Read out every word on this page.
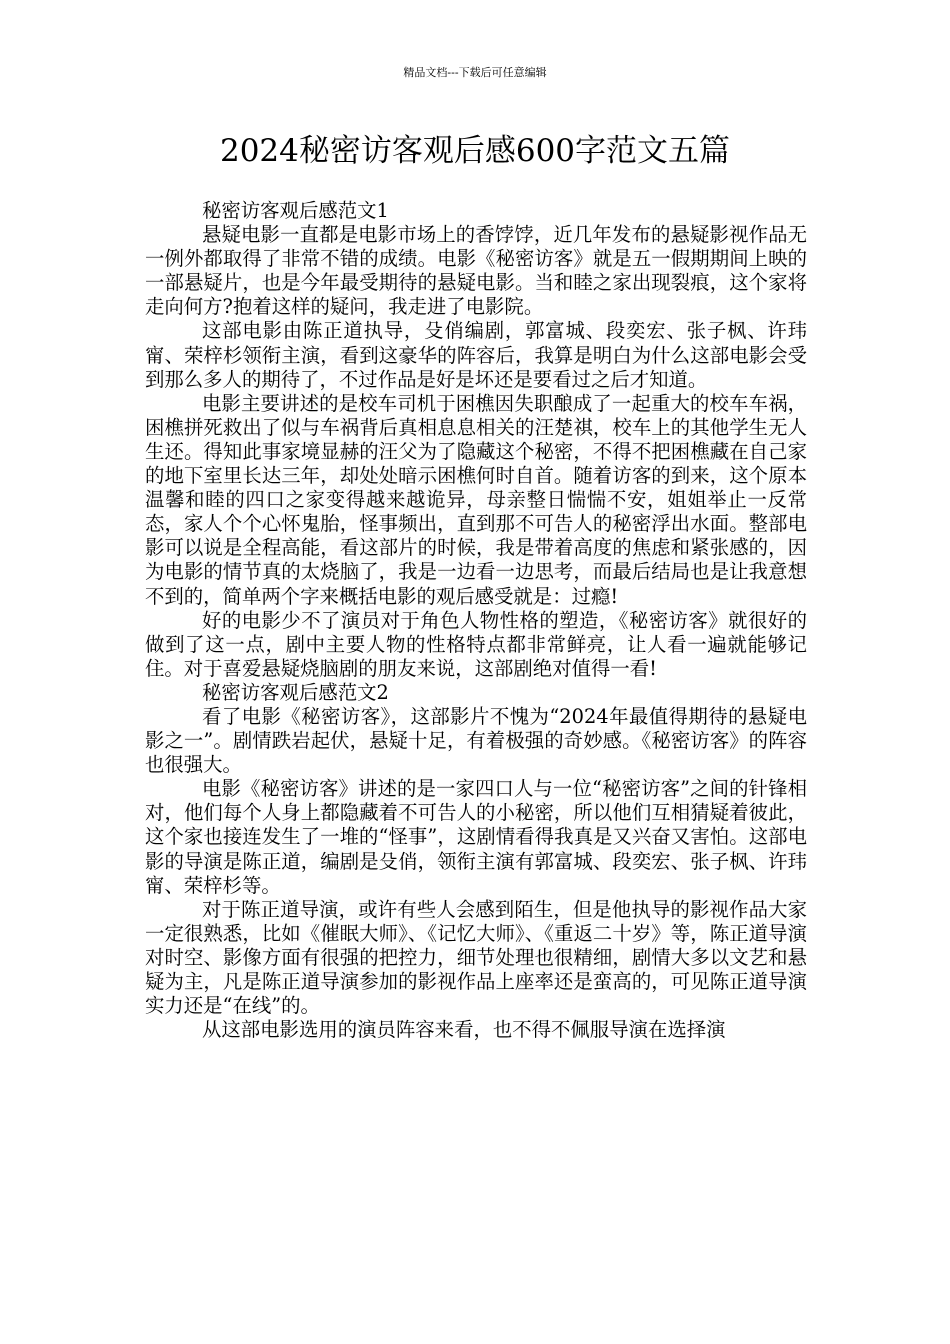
精品文档---下载后可任意编辑
2024秘密访客观后感600字范文五篇

秘密访客观后感范文1

悬疑电影一直都是电影市场上的香饽饽，近几年发布的悬疑影视作品无一例外都取得了非常不错的成绩。电影《秘密访客》就是五一假期期间上映的一部悬疑片，也是今年最受期待的悬疑电影。当和睦之家出现裂痕，这个家将走向何方?抱着这样的疑问，我走进了电影院。

这部电影由陈正道执导，殳俏编剧，郭富城、段奕宏、张子枫、许玮甯、荣梓杉领衔主演，看到这豪华的阵容后，我算是明白为什么这部电影会受到那么多人的期待了，不过作品是好是坏还是要看过之后才知道。

电影主要讲述的是校车司机于困樵因失职酿成了一起重大的校车车祸，困樵拼死救出了似与车祸背后真相息息相关的汪楚祺，校车上的其他学生无人生还。得知此事家境显赫的汪父为了隐藏这个秘密，不得不把困樵藏在自己家的地下室里长达三年，却处处暗示困樵何时自首。随着访客的到来，这个原本温馨和睦的四口之家变得越来越诡异，母亲整日惴惴不安，姐姐举止一反常态，家人个个心怀鬼胎，怪事频出，直到那不可告人的秘密浮出水面。整部电影可以说是全程高能，看这部片的时候，我是带着高度的焦虑和紧张感的，因为电影的情节真的太烧脑了，我是一边看一边思考，而最后结局也是让我意想不到的，简单两个字来概括电影的观后感受就是：过瘾!

好的电影少不了演员对于角色人物性格的塑造，《秘密访客》就很好的做到了这一点，剧中主要人物的性格特点都非常鲜亮，让人看一遍就能够记住。对于喜爱悬疑烧脑剧的朋友来说，这部剧绝对值得一看!

秘密访客观后感范文2

看了电影《秘密访客》，这部影片不愧为“2024年最值得期待的悬疑电影之一”。剧情跌岩起伏，悬疑十足，有着极强的奇妙感。《秘密访客》的阵容也很强大。

电影《秘密访客》讲述的是一家四口人与一位“秘密访客”之间的针锋相对，他们每个人身上都隐藏着不可告人的小秘密，所以他们互相猜疑着彼此，这个家也接连发生了一堆的“怪事”，这剧情看得我真是又兴奋又害怕。这部电影的导演是陈正道，编剧是殳俏，领衔主演有郭富城、段奕宏、张子枫、许玮甯、荣梓杉等。

对于陈正道导演，或许有些人会感到陌生，但是他执导的影视作品大家一定很熟悉，比如《催眠大师》、《记忆大师》、《重返二十岁》等，陈正道导演对时空、影像方面有很强的把控力，细节处理也很精细，剧情大多以文艺和悬疑为主，凡是陈正道导演参加的影视作品上座率还是蛮高的，可见陈正道导演实力还是“在线”的。

从这部电影选用的演员阵容来看，也不得不佩服导演在选择演
